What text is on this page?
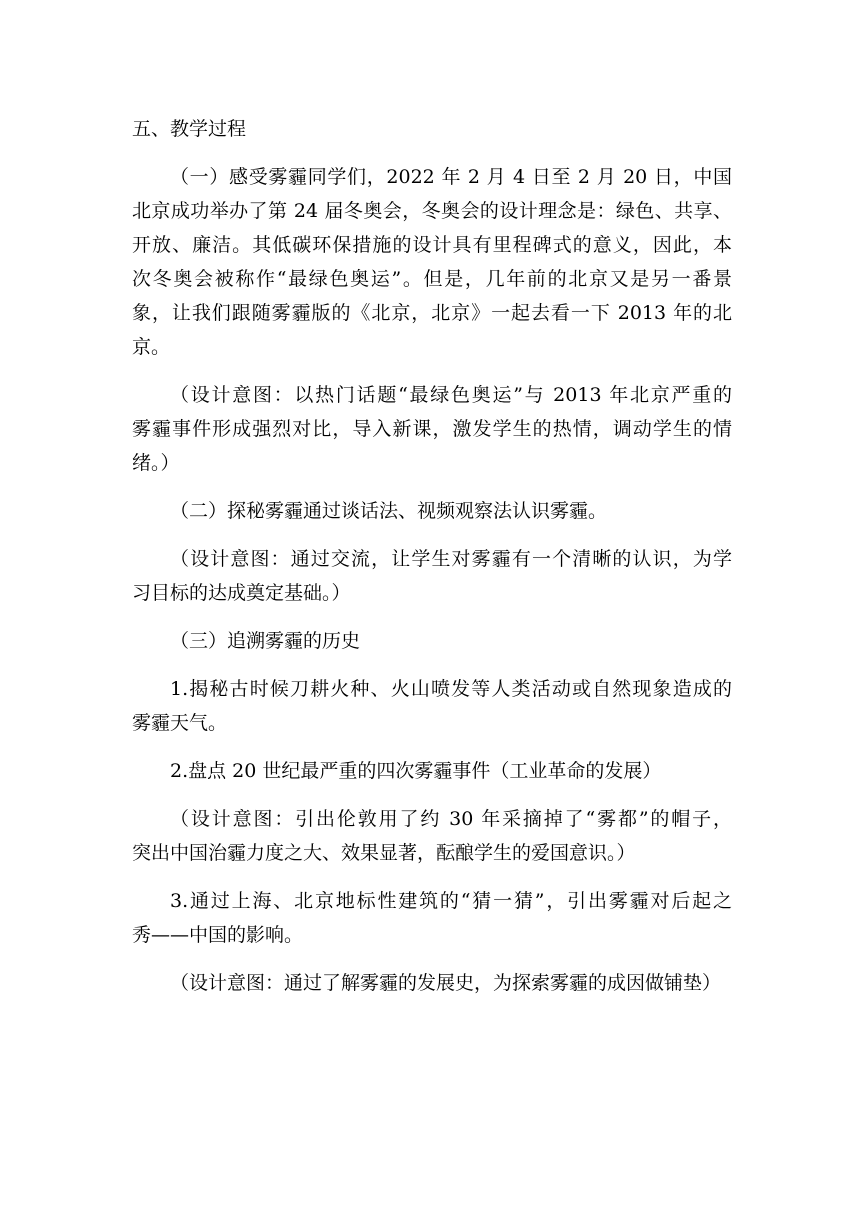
五、教学过程
（一）感受雾霾同学们，2022 年 2 月 4 日至 2 月 20 日，中国
北京成功举办了第 24 届冬奥会，冬奥会的设计理念是：绿色、共享、
开放、廉洁。其低碳环保措施的设计具有里程碑式的意义，因此，本
次冬奥会被称作“最绿色奥运”。但是，几年前的北京又是另一番景
象，让我们跟随雾霾版的《北京，北京》一起去看一下 2013 年的北
京。
（设计意图：以热门话题“最绿色奥运”与 2013 年北京严重的
雾霾事件形成强烈对比，导入新课，激发学生的热情，调动学生的情
绪。）
（二）探秘雾霾通过谈话法、视频观察法认识雾霾。
（设计意图：通过交流，让学生对雾霾有一个清晰的认识，为学
习目标的达成奠定基础。）
（三）追溯雾霾的历史
1.揭秘古时候刀耕火种、火山喷发等人类活动或自然现象造成的
雾霾天气。
2.盘点 20 世纪最严重的四次雾霾事件（工业革命的发展）
（设计意图：引出伦敦用了约 30 年采摘掉了“雾都”的帽子，
突出中国治霾力度之大、效果显著，酝酿学生的爱国意识。）
3.通过上海、北京地标性建筑的“猜一猜”，引出雾霾对后起之
秀——中国的影响。
（设计意图：通过了解雾霾的发展史，为探索雾霾的成因做铺垫）
